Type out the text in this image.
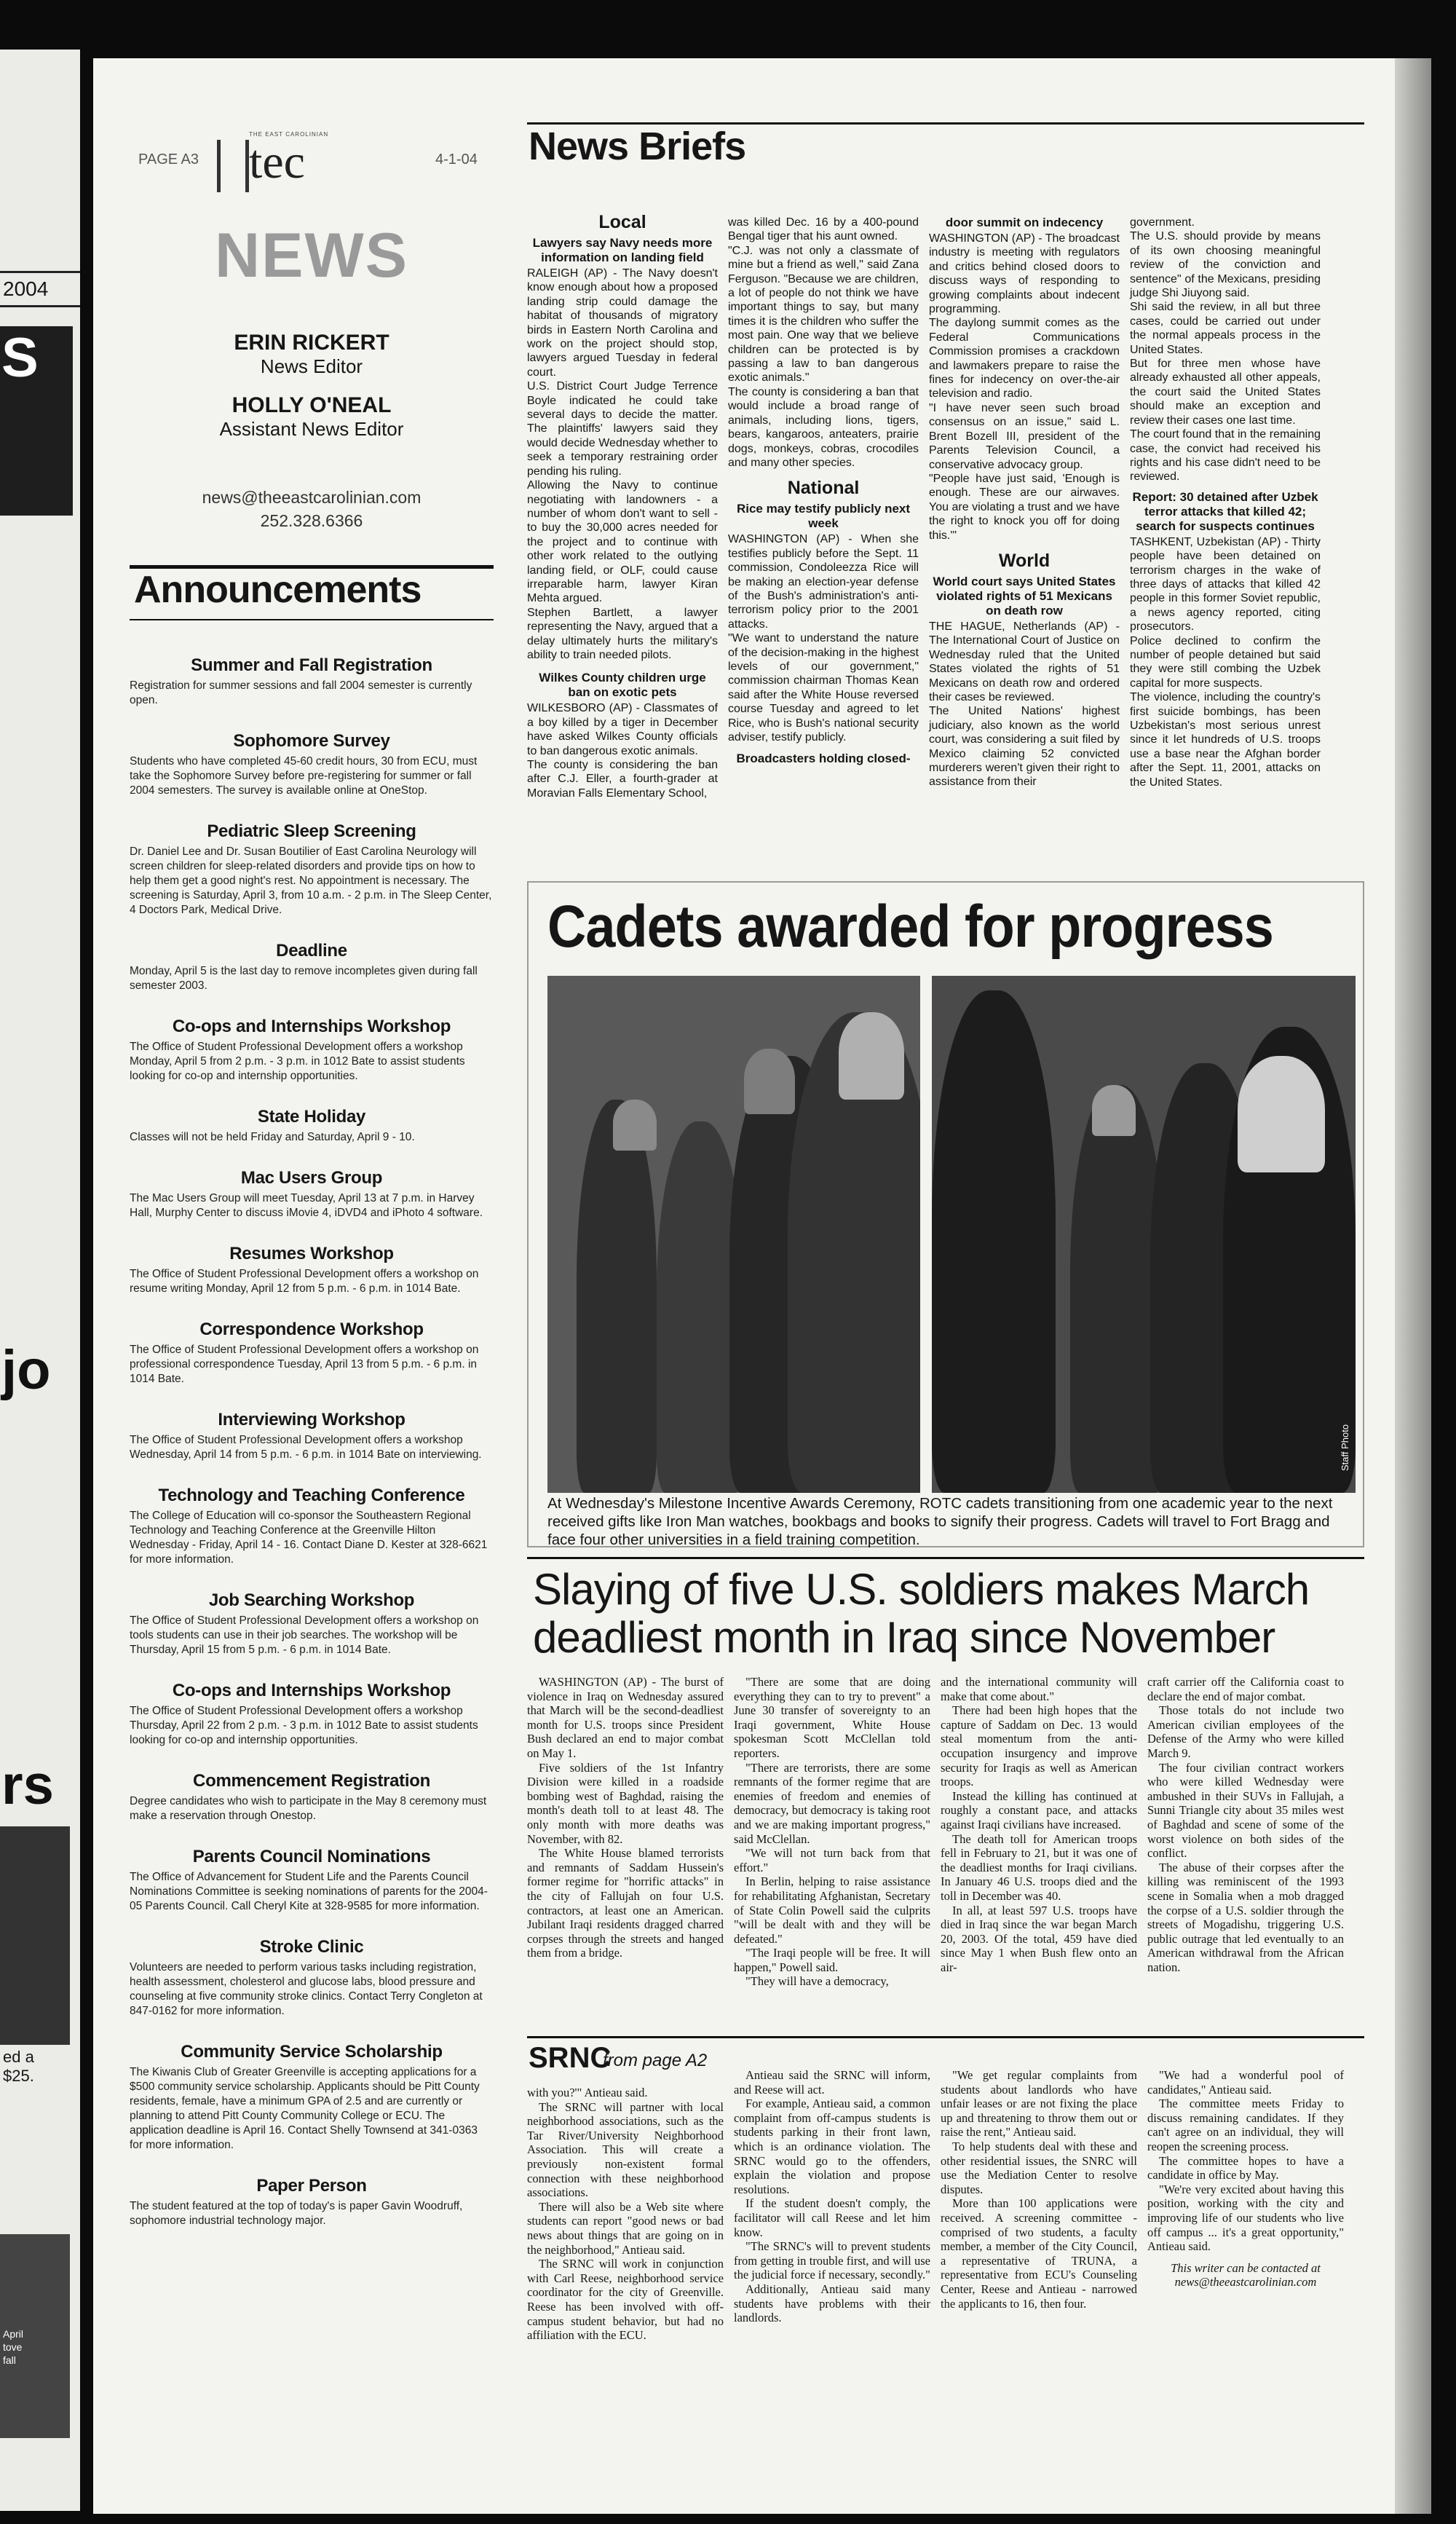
2004
S
jo
rs
ed a
$25.
April
tove
fall
PAGE A3	4-1-04
THE EAST CAROLINIAN
tec
NEWS
ERIN RICKERT
News Editor
HOLLY O'NEAL
Assistant News Editor
news@theeastcarolinian.com
252.328.6366
Announcements
Summer and Fall Registration

Registration for summer sessions and fall 2004 semester is currently open.

Sophomore Survey

Students who have completed 45-60 credit hours, 30 from ECU, must take the Sophomore Survey before pre-registering for summer or fall 2004 semesters. The survey is available online at OneStop.

Pediatric Sleep Screening

Dr. Daniel Lee and Dr. Susan Boutilier of East Carolina Neurology will screen children for sleep-related disorders and provide tips on how to help them get a good night's rest. No appointment is necessary. The screening is Saturday, April 3, from 10 a.m. - 2 p.m. in The Sleep Center, 4 Doctors Park, Medical Drive.

Deadline

Monday, April 5 is the last day to remove incompletes given during fall semester 2003.

Co-ops and Internships Workshop

The Office of Student Professional Development offers a workshop Monday, April 5 from 2 p.m. - 3 p.m. in 1012 Bate to assist students looking for co-op and internship opportunities.

State Holiday

Classes will not be held Friday and Saturday, April 9 - 10.

Mac Users Group

The Mac Users Group will meet Tuesday, April 13 at 7 p.m. in Harvey Hall, Murphy Center to discuss iMovie 4, iDVD4 and iPhoto 4 software.

Resumes Workshop

The Office of Student Professional Development offers a workshop on resume writing Monday, April 12 from 5 p.m. - 6 p.m. in 1014 Bate.

Correspondence Workshop

The Office of Student Professional Development offers a workshop on professional correspondence Tuesday, April 13 from 5 p.m. - 6 p.m. in 1014 Bate.

Interviewing Workshop

The Office of Student Professional Development offers a workshop Wednesday, April 14 from 5 p.m. - 6 p.m. in 1014 Bate on interviewing.

Technology and Teaching Conference

The College of Education will co-sponsor the Southeastern Regional Technology and Teaching Conference at the Greenville Hilton Wednesday - Friday, April 14 - 16. Contact Diane D. Kester at 328-6621 for more information.

Job Searching Workshop

The Office of Student Professional Development offers a workshop on tools students can use in their job searches. The workshop will be Thursday, April 15 from 5 p.m. - 6 p.m. in 1014 Bate.

Co-ops and Internships Workshop

The Office of Student Professional Development offers a workshop Thursday, April 22 from 2 p.m. - 3 p.m. in 1012 Bate to assist students looking for co-op and internship opportunities.

Commencement Registration

Degree candidates who wish to participate in the May 8 ceremony must make a reservation through Onestop.

Parents Council Nominations

The Office of Advancement for Student Life and the Parents Council Nominations Committee is seeking nominations of parents for the 2004-05 Parents Council. Call Cheryl Kite at 328-9585 for more information.

Stroke Clinic

Volunteers are needed to perform various tasks including registration, health assessment, cholesterol and glucose labs, blood pressure and counseling at five community stroke clinics. Contact Terry Congleton at 847-0162 for more information.

Community Service Scholarship

The Kiwanis Club of Greater Greenville is accepting applications for a $500 community service scholarship. Applicants should be Pitt County residents, female, have a minimum GPA of 2.5 and are currently or planning to attend Pitt County Community College or ECU. The application deadline is April 16. Contact Shelly Townsend at 341-0363 for more information.

Paper Person

The student featured at the top of today's is paper Gavin Woodruff, sophomore industrial technology major.

News Briefs
Local
Lawyers say Navy needs more information on landing field

RALEIGH (AP) - The Navy doesn't know enough about how a proposed landing strip could damage the habitat of thousands of migratory birds in Eastern North Carolina and work on the project should stop, lawyers argued Tuesday in federal court.

U.S. District Court Judge Terrence Boyle indicated he could take several days to decide the matter. The plaintiffs' lawyers said they would decide Wednesday whether to seek a temporary restraining order pending his ruling.

Allowing the Navy to continue negotiating with landowners - a number of whom don't want to sell - to buy the 30,000 acres needed for the project and to continue with other work related to the outlying landing field, or OLF, could cause irreparable harm, lawyer Kiran Mehta argued.

Stephen Bartlett, a lawyer representing the Navy, argued that a delay ultimately hurts the military's ability to train needed pilots.

Wilkes County children urge ban on exotic pets

WILKESBORO (AP) - Classmates of a boy killed by a tiger in December have asked Wilkes County officials to ban dangerous exotic animals.

The county is considering the ban after C.J. Eller, a fourth-grader at Moravian Falls Elementary School,

was killed Dec. 16 by a 400-pound Bengal tiger that his aunt owned.

"C.J. was not only a classmate of mine but a friend as well," said Zana Ferguson. "Because we are children, a lot of people do not think we have important things to say, but many times it is the children who suffer the most pain. One way that we believe children can be protected is by passing a law to ban dangerous exotic animals."

The county is considering a ban that would include a broad range of animals, including lions, tigers, bears, kangaroos, anteaters, prairie dogs, monkeys, cobras, crocodiles and many other species.

National
Rice may testify publicly next week

WASHINGTON (AP) - When she testifies publicly before the Sept. 11 commission, Condoleezza Rice will be making an election-year defense of the Bush's administration's anti-terrorism policy prior to the 2001 attacks.

"We want to understand the nature of the decision-making in the highest levels of our government," commission chairman Thomas Kean said after the White House reversed course Tuesday and agreed to let Rice, who is Bush's national security adviser, testify publicly.

Broadcasters holding closed-
door summit on indecency

WASHINGTON (AP) - The broadcast industry is meeting with regulators and critics behind closed doors to discuss ways of responding to growing complaints about indecent programming.

The daylong summit comes as the Federal Communications Commission promises a crackdown and lawmakers prepare to raise the fines for indecency on over-the-air television and radio.

"I have never seen such broad consensus on an issue," said L. Brent Bozell III, president of the Parents Television Council, a conservative advocacy group.

"People have just said, 'Enough is enough. These are our airwaves. You are violating a trust and we have the right to knock you off for doing this.'"

World
World court says United States violated rights of 51 Mexicans on death row

THE HAGUE, Netherlands (AP) - The International Court of Justice on Wednesday ruled that the United States violated the rights of 51 Mexicans on death row and ordered their cases be reviewed.

The United Nations' highest judiciary, also known as the world court, was considering a suit filed by Mexico claiming 52 convicted murderers weren't given their right to assistance from their

government.

The U.S. should provide by means of its own choosing meaningful review of the conviction and sentence" of the Mexicans, presiding judge Shi Jiuyong said.

Shi said the review, in all but three cases, could be carried out under the normal appeals process in the United States.

But for three men whose have already exhausted all other appeals, the court said the United States should make an exception and review their cases one last time.

The court found that in the remaining case, the convict had received his rights and his case didn't need to be reviewed.

Report: 30 detained after Uzbek terror attacks that killed 42; search for suspects continues

TASHKENT, Uzbekistan (AP) - Thirty people have been detained on terrorism charges in the wake of three days of attacks that killed 42 people in this former Soviet republic, a news agency reported, citing prosecutors.

Police declined to confirm the number of people detained but said they were still combing the Uzbek capital for more suspects.

The violence, including the country's first suicide bombings, has been Uzbekistan's most serious unrest since it let hundreds of U.S. troops use a base near the Afghan border after the Sept. 11, 2001, attacks on the United States.

Cadets awarded for progress
Staff Photo
At Wednesday's Milestone Incentive Awards Ceremony, ROTC cadets transitioning from one academic year to the next received gifts like Iron Man watches, bookbags and books to signify their progress. Cadets will travel to Fort Bragg and face four other universities in a field training competition.
Slaying of five U.S. soldiers makes March
deadliest month in Iraq since November

WASHINGTON (AP) - The burst of violence in Iraq on Wednesday assured that March will be the second-deadliest month for U.S. troops since President Bush declared an end to major combat on May 1.

Five soldiers of the 1st Infantry Division were killed in a roadside bombing west of Baghdad, raising the month's death toll to at least 48. The only month with more deaths was November, with 82.

The White House blamed terrorists and remnants of Saddam Hussein's former regime for "horrific attacks" in the city of Fallujah on four U.S. contractors, at least one an American. Jubilant Iraqi residents dragged charred corpses through the streets and hanged them from a bridge.

"There are some that are doing everything they can to try to prevent" a June 30 transfer of sovereignty to an Iraqi government, White House spokesman Scott McClellan told reporters.

"There are terrorists, there are some remnants of the former regime that are enemies of freedom and enemies of democracy, but democracy is taking root and we are making important progress," said McClellan.

"We will not turn back from that effort."

In Berlin, helping to raise assistance for rehabilitating Afghanistan, Secretary of State Colin Powell said the culprits "will be dealt with and they will be defeated."

"The Iraqi people will be free. It will happen," Powell said.

"They will have a democracy,

and the international community will make that come about."

There had been high hopes that the capture of Saddam on Dec. 13 would steal momentum from the anti-occupation insurgency and improve security for Iraqis as well as American troops.

Instead the killing has continued at roughly a constant pace, and attacks against Iraqi civilians have increased.

The death toll for American troops fell in February to 21, but it was one of the deadliest months for Iraqi civilians. In January 46 U.S. troops died and the toll in December was 40.

In all, at least 597 U.S. troops have died in Iraq since the war began March 20, 2003. Of the total, 459 have died since May 1 when Bush flew onto an air-

craft carrier off the California coast to declare the end of major combat.

Those totals do not include two American civilian employees of the Defense of the Army who were killed March 9.

The four civilian contract workers who were killed Wednesday were ambushed in their SUVs in Fallujah, a Sunni Triangle city about 35 miles west of Baghdad and scene of some of the worst violence on both sides of the conflict.

The abuse of their corpses after the killing was reminiscent of the 1993 scene in Somalia when a mob dragged the corpse of a U.S. soldier through the streets of Mogadishu, triggering U.S. public outrage that led eventually to an American withdrawal from the African nation.

SRNC
from page A2

with you?'" Antieau said.

The SRNC will partner with local neighborhood associations, such as the Tar River/University Neighborhood Association. This will create a previously non-existent formal connection with these neighborhood associations.

There will also be a Web site where students can report "good news or bad news about things that are going on in the neighborhood," Antieau said.

The SRNC will work in conjunction with Carl Reese, neighborhood service coordinator for the city of Greenville. Reese has been involved with off-campus student behavior, but had no affiliation with the ECU.

Antieau said the SRNC will inform, and Reese will act.

For example, Antieau said, a common complaint from off-campus students is students parking in their front lawn, which is an ordinance violation. The SRNC would go to the offenders, explain the violation and propose resolutions.

If the student doesn't comply, the facilitator will call Reese and let him know.

"The SRNC's will to prevent students from getting in trouble first, and will use the judicial force if necessary, secondly."

Additionally, Antieau said many students have problems with their landlords.

"We get regular complaints from students about landlords who have unfair leases or are not fixing the place up and threatening to throw them out or raise the rent," Antieau said.

To help students deal with these and other residential issues, the SNRC will use the Mediation Center to resolve disputes.

More than 100 applications were received. A screening committee - comprised of two students, a faculty member, a member of the City Council, a representative of TRUNA, a representative from ECU's Counseling Center, Reese and Antieau - narrowed the applicants to 16, then four.

"We had a wonderful pool of candidates," Antieau said.

The committee meets Friday to discuss remaining candidates. If they can't agree on an individual, they will reopen the screening process.

The committee hopes to have a candidate in office by May.

"We're very excited about having this position, working with the city and improving life of our students who live off campus ... it's a great opportunity," Antieau said.

This writer can be contacted at news@theeastcarolinian.com
